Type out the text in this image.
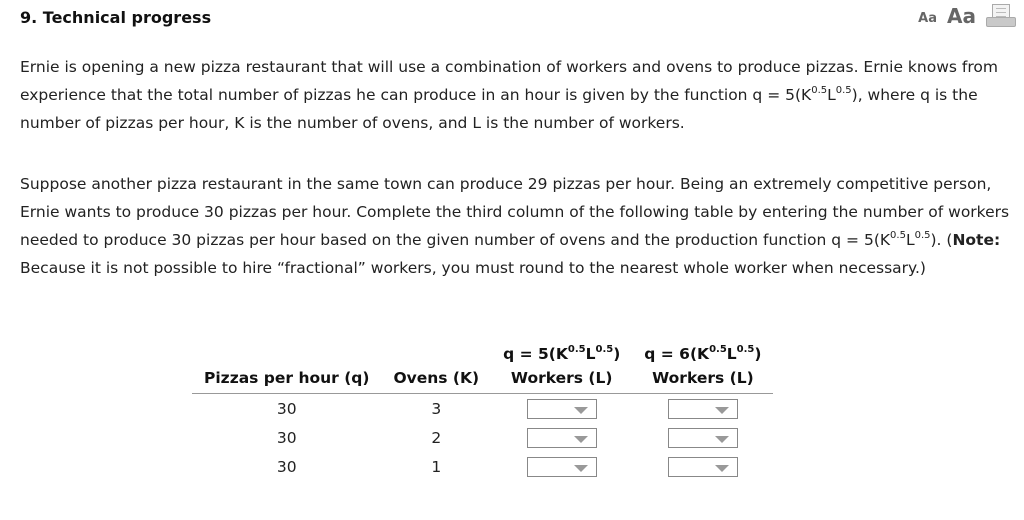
9. Technical progress	Aa Aa
Ernie is opening a new pizza restaurant that will use a combination of workers and ovens to produce pizzas. Ernie knows from experience that the total number of pizzas he can produce in an hour is given by the function $q = 5(K^{0.5}L^{0.5})$, where q is the number of pizzas per hour, K is the number of ovens, and L is the number of workers.
Suppose another pizza restaurant in the same town can produce 29 pizzas per hour. Being an extremely competitive person, Ernie wants to produce 30 pizzas per hour. Complete the third column of the following table by entering the number of workers needed to produce 30 pizzas per hour based on the given number of ovens and the production function $q = 5(K^{0.5}L^{0.5})$. (Note: Because it is not possible to hire “fractional” workers, you must round to the nearest whole worker when necessary.)
		$q = 5(K^{0.5}L^{0.5})$	$q = 6(K^{0.5}L^{0.5})$
Pizzas per hour (q)	Ovens (K)	Workers (L)	Workers (L)
30	3	

30	2	

30	1	
